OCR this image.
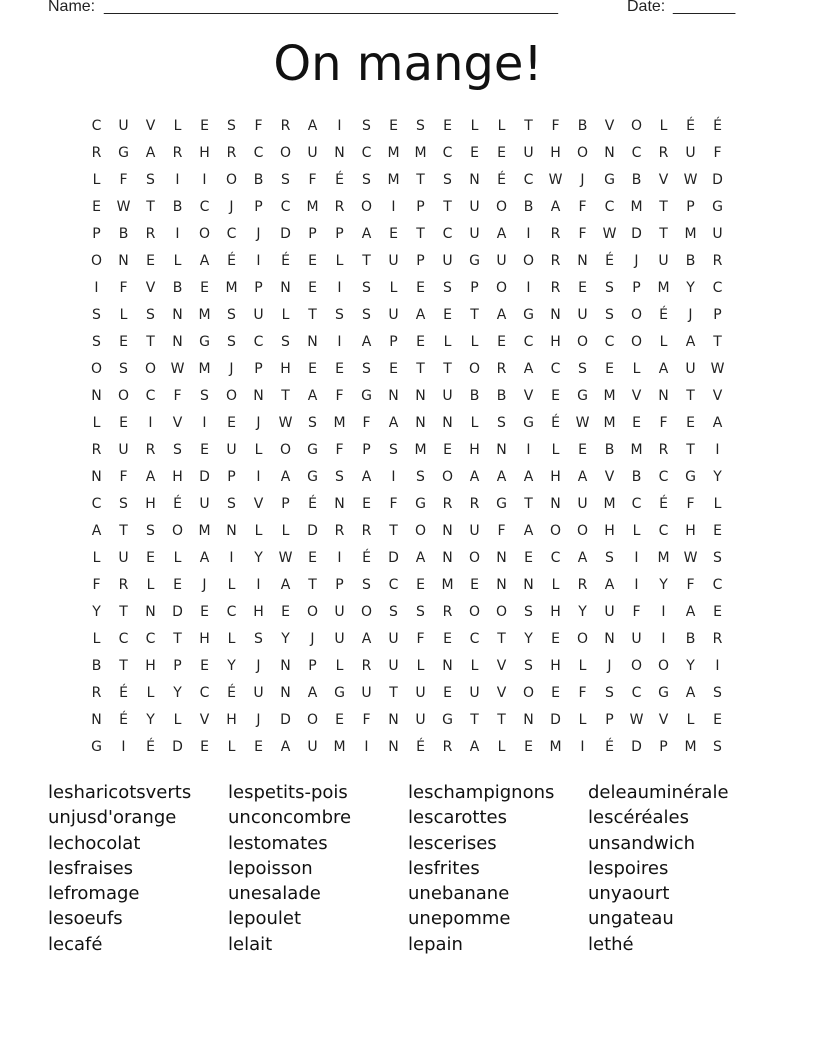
Name: ______________________________________________________	Date: _______
On mange!
C	U	V	L	E	S	F	R	A	I	S	E	S	E	L	L	T	F	B	V	O	L	É	É
R	G	A	R	H	R	C	O	U	N	C	M	M	C	E	E	U	H	O	N	C	R	U	F
L	F	S	I	I	O	B	S	F	É	S	M	T	S	N	É	C	W	J	G	B	V	W	D
E	W	T	B	C	J	P	C	M	R	O	I	P	T	U	O	B	A	F	C	M	T	P	G
P	B	R	I	O	C	J	D	P	P	A	E	T	C	U	A	I	R	F	W	D	T	M	U
O	N	E	L	A	É	I	É	E	L	T	U	P	U	G	U	O	R	N	É	J	U	B	R
I	F	V	B	E	M	P	N	E	I	S	L	E	S	P	O	I	R	E	S	P	M	Y	C
S	L	S	N	M	S	U	L	T	S	S	U	A	E	T	A	G	N	U	S	O	É	J	P
S	E	T	N	G	S	C	S	N	I	A	P	E	L	L	E	C	H	O	C	O	L	A	T
O	S	O	W	M	J	P	H	E	E	S	E	T	T	O	R	A	C	S	E	L	A	U	W
N	O	C	F	S	O	N	T	A	F	G	N	N	U	B	B	V	E	G	M	V	N	T	V
L	E	I	V	I	E	J	W	S	M	F	A	N	N	L	S	G	É	W	M	E	F	E	A
R	U	R	S	E	U	L	O	G	F	P	S	M	E	H	N	I	L	E	B	M	R	T	I
N	F	A	H	D	P	I	A	G	S	A	I	S	O	A	A	A	H	A	V	B	C	G	Y
C	S	H	É	U	S	V	P	É	N	E	F	G	R	R	G	T	N	U	M	C	É	F	L
A	T	S	O	M	N	L	L	D	R	R	T	O	N	U	F	A	O	O	H	L	C	H	E
L	U	E	L	A	I	Y	W	E	I	É	D	A	N	O	N	E	C	A	S	I	M	W	S
F	R	L	E	J	L	I	A	T	P	S	C	E	M	E	N	N	L	R	A	I	Y	F	C
Y	T	N	D	E	C	H	E	O	U	O	S	S	R	O	O	S	H	Y	U	F	I	A	E
L	C	C	T	H	L	S	Y	J	U	A	U	F	E	C	T	Y	E	O	N	U	I	B	R
B	T	H	P	E	Y	J	N	P	L	R	U	L	N	L	V	S	H	L	J	O	O	Y	I
R	É	L	Y	C	É	U	N	A	G	U	T	U	E	U	V	O	E	F	S	C	G	A	S
N	É	Y	L	V	H	J	D	O	E	F	N	U	G	T	T	N	D	L	P	W	V	L	E
G	I	É	D	E	L	E	A	U	M	I	N	É	R	A	L	E	M	I	É	D	P	M	S
lesharicotsverts	lespetits-pois	leschampignons	deleauminérale
unjusd'orange	unconcombre	lescarottes	lescéréales
lechocolat	lestomates	lescerises	unsandwich
lesfraises	lepoisson	lesfrites	lespoires
lefromage	unesalade	unebanane	unyaourt
lesoeufs	lepoulet	unepomme	ungateau
lecafé	lelait	lepain	lethé
